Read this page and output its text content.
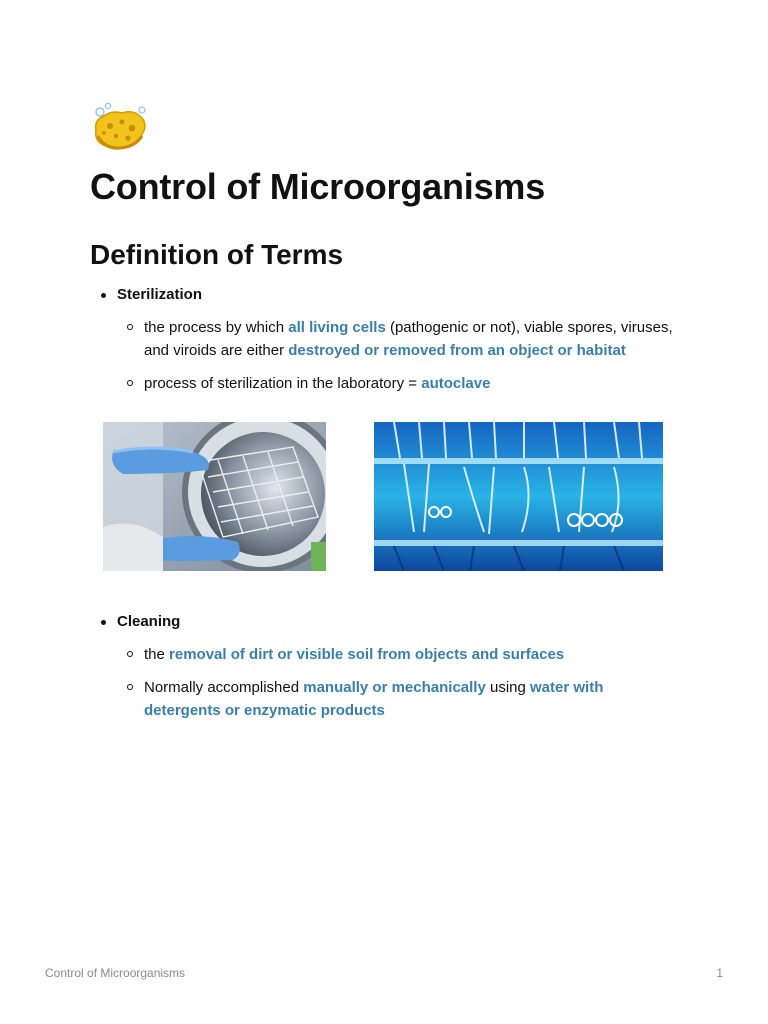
Control of Microorganisms
Definition of Terms
Sterilization
the process by which all living cells (pathogenic or not), viable spores, viruses, and viroids are either destroyed or removed from an object or habitat
process of sterilization in the laboratory = autoclave
Cleaning
the removal of dirt or visible soil from objects and surfaces
Normally accomplished manually or mechanically using water with detergents or enzymatic products
Control of Microorganisms	1
